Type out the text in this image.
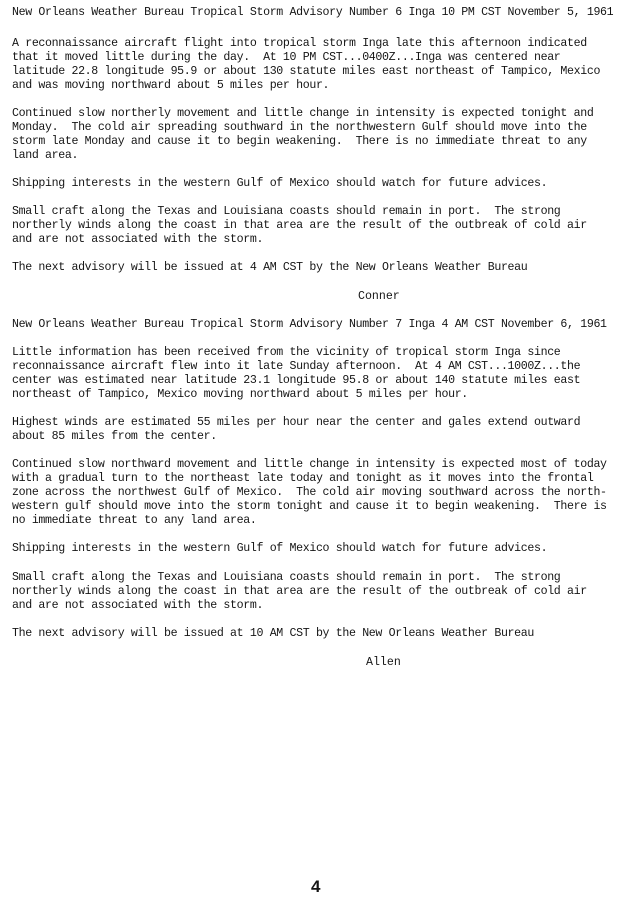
New Orleans Weather Bureau Tropical Storm Advisory Number 6 Inga 10 PM CST November 5, 1961
A reconnaissance aircraft flight into tropical storm Inga late this afternoon indicated
that it moved little during the day.  At 10 PM CST...0400Z...Inga was centered near
latitude 22.8 longitude 95.9 or about 130 statute miles east northeast of Tampico, Mexico
and was moving northward about 5 miles per hour.
Continued slow northerly movement and little change in intensity is expected tonight and
Monday.  The cold air spreading southward in the northwestern Gulf should move into the
storm late Monday and cause it to begin weakening.  There is no immediate threat to any
land area.
Shipping interests in the western Gulf of Mexico should watch for future advices.
Small craft along the Texas and Louisiana coasts should remain in port.  The strong
northerly winds along the coast in that area are the result of the outbreak of cold air
and are not associated with the storm.
The next advisory will be issued at 4 AM CST by the New Orleans Weather Bureau
Conner
New Orleans Weather Bureau Tropical Storm Advisory Number 7 Inga 4 AM CST November 6, 1961
Little information has been received from the vicinity of tropical storm Inga since
reconnaissance aircraft flew into it late Sunday afternoon.  At 4 AM CST...1000Z...the
center was estimated near latitude 23.1 longitude 95.8 or about 140 statute miles east
northeast of Tampico, Mexico moving northward about 5 miles per hour.
Highest winds are estimated 55 miles per hour near the center and gales extend outward
about 85 miles from the center.
Continued slow northward movement and little change in intensity is expected most of today
with a gradual turn to the northeast late today and tonight as it moves into the frontal
zone across the northwest Gulf of Mexico.  The cold air moving southward across the north-
western gulf should move into the storm tonight and cause it to begin weakening.  There is
no immediate threat to any land area.
Shipping interests in the western Gulf of Mexico should watch for future advices.
Small craft along the Texas and Louisiana coasts should remain in port.  The strong
northerly winds along the coast in that area are the result of the outbreak of cold air
and are not associated with the storm.
The next advisory will be issued at 10 AM CST by the New Orleans Weather Bureau
Allen
4
